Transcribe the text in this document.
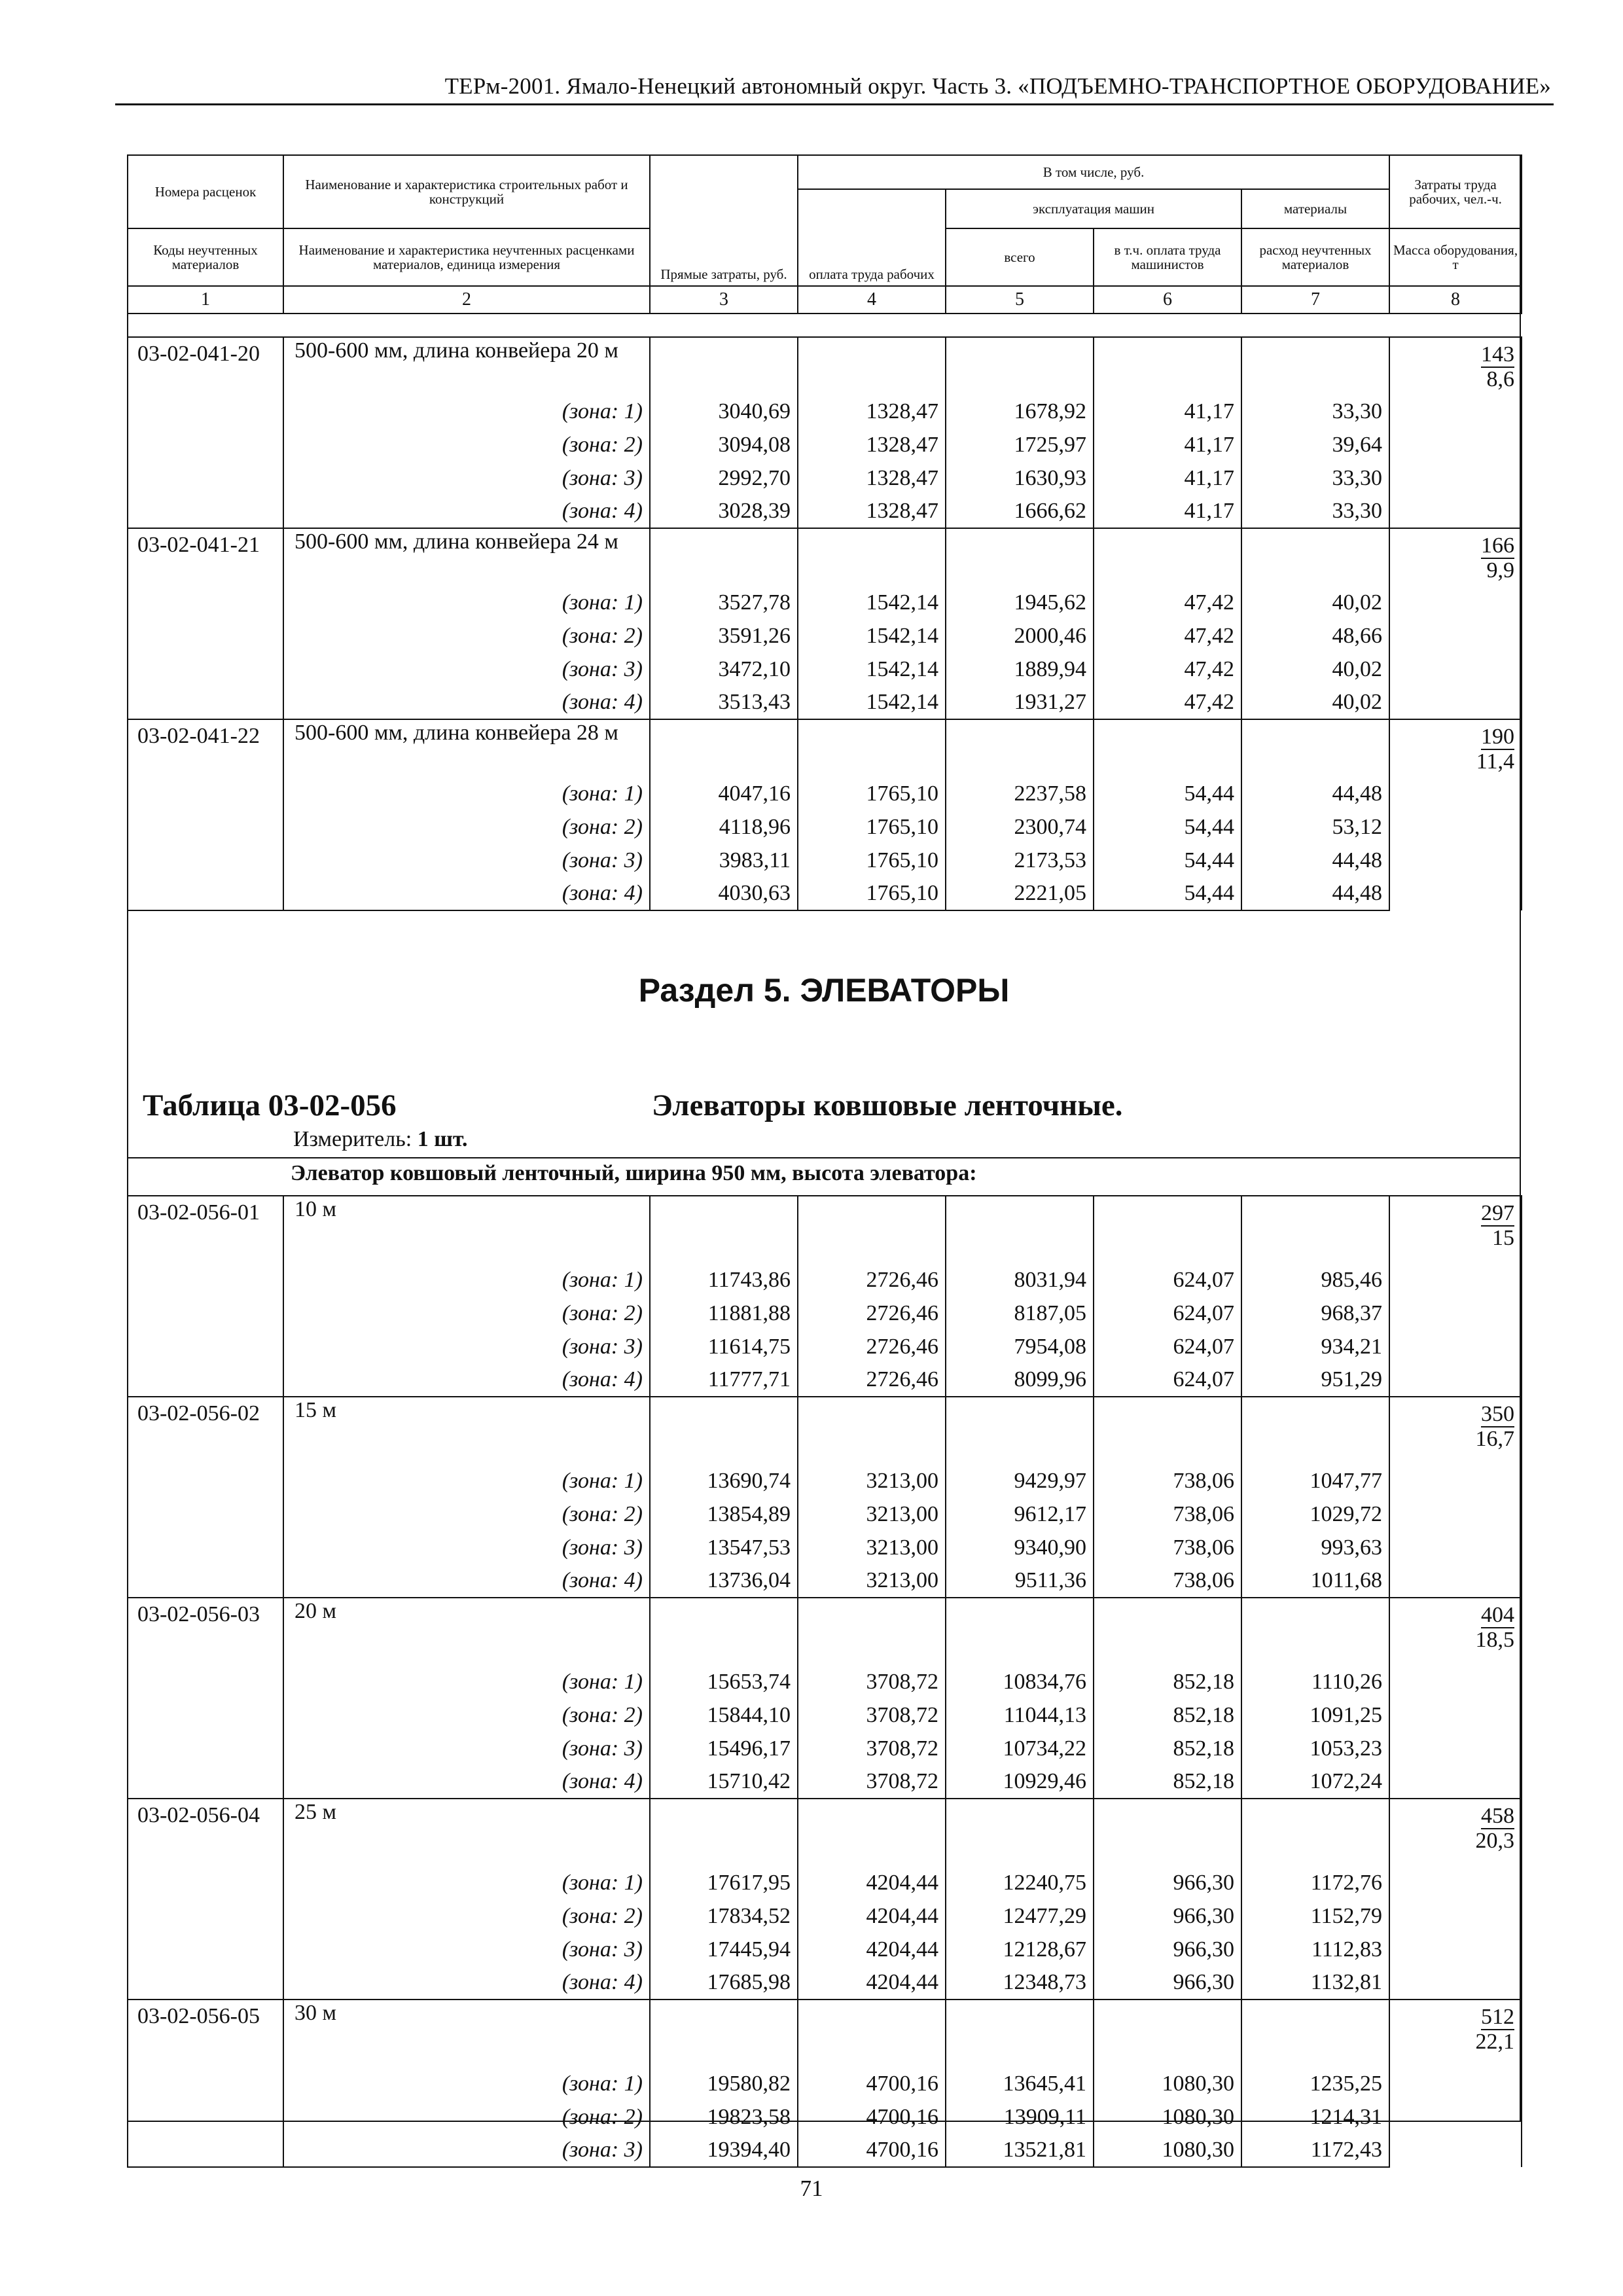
ТЕРм-2001. Ямало-Ненецкий автономный округ. Часть 3. «ПОДЪЕМНО-ТРАНСПОРТНОЕ ОБОРУДОВАНИЕ»
Номера расценок	Наименование и характеристика строительных работ и конструкций	Прямые затраты, руб.	В том числе, руб.				Затраты труда рабочих, чел.-ч.
			оплата труда рабочих	эксплуатация машин		материалы	
Коды неучтенных материалов	Наименование и характеристика неучтенных расценками материалов, единица измерения			всего	в т.ч. оплата труда машинистов	расход неучтенных материалов	Масса оборудования, т
1	2	3	4	5	6	7	8
03-02-041-20	500-600 мм, длина конвейера 20 м						143
8,6

	(зона: 1)	3040,69	1328,47	1678,92	41,17	33,30	
	(зона: 2)	3094,08	1328,47	1725,97	41,17	39,64	
	(зона: 3)	2992,70	1328,47	1630,93	41,17	33,30	
	(зона: 4)	3028,39	1328,47	1666,62	41,17	33,30	
03-02-041-21	500-600 мм, длина конвейера 24 м						166
9,9

	(зона: 1)	3527,78	1542,14	1945,62	47,42	40,02	
	(зона: 2)	3591,26	1542,14	2000,46	47,42	48,66	
	(зона: 3)	3472,10	1542,14	1889,94	47,42	40,02	
	(зона: 4)	3513,43	1542,14	1931,27	47,42	40,02	
03-02-041-22	500-600 мм, длина конвейера 28 м						190
11,4

	(зона: 1)	4047,16	1765,10	2237,58	54,44	44,48	
	(зона: 2)	4118,96	1765,10	2300,74	54,44	53,12	
	(зона: 3)	3983,11	1765,10	2173,53	54,44	44,48	
	(зона: 4)	4030,63	1765,10	2221,05	54,44	44,48	
Раздел 5. ЭЛЕВАТОРЫ
Таблица 03-02-056	Элеваторы ковшовые ленточные.
Измеритель: 1 шт.
Элеватор ковшовый ленточный, ширина 950 мм, высота элеватора:
03-02-056-01	10 м						297
15

	(зона: 1)	11743,86	2726,46	8031,94	624,07	985,46	
	(зона: 2)	11881,88	2726,46	8187,05	624,07	968,37	
	(зона: 3)	11614,75	2726,46	7954,08	624,07	934,21	
	(зона: 4)	11777,71	2726,46	8099,96	624,07	951,29	
03-02-056-02	15 м						350
16,7

	(зона: 1)	13690,74	3213,00	9429,97	738,06	1047,77	
	(зона: 2)	13854,89	3213,00	9612,17	738,06	1029,72	
	(зона: 3)	13547,53	3213,00	9340,90	738,06	993,63	
	(зона: 4)	13736,04	3213,00	9511,36	738,06	1011,68	
03-02-056-03	20 м						404
18,5

	(зона: 1)	15653,74	3708,72	10834,76	852,18	1110,26	
	(зона: 2)	15844,10	3708,72	11044,13	852,18	1091,25	
	(зона: 3)	15496,17	3708,72	10734,22	852,18	1053,23	
	(зона: 4)	15710,42	3708,72	10929,46	852,18	1072,24	
03-02-056-04	25 м						458
20,3

	(зона: 1)	17617,95	4204,44	12240,75	966,30	1172,76	
	(зона: 2)	17834,52	4204,44	12477,29	966,30	1152,79	
	(зона: 3)	17445,94	4204,44	12128,67	966,30	1112,83	
	(зона: 4)	17685,98	4204,44	12348,73	966,30	1132,81	
03-02-056-05	30 м						512
22,1

	(зона: 1)	19580,82	4700,16	13645,41	1080,30	1235,25	
	(зона: 2)	19823,58	4700,16	13909,11	1080,30	1214,31	
	(зона: 3)	19394,40	4700,16	13521,81	1080,30	1172,43	
71
